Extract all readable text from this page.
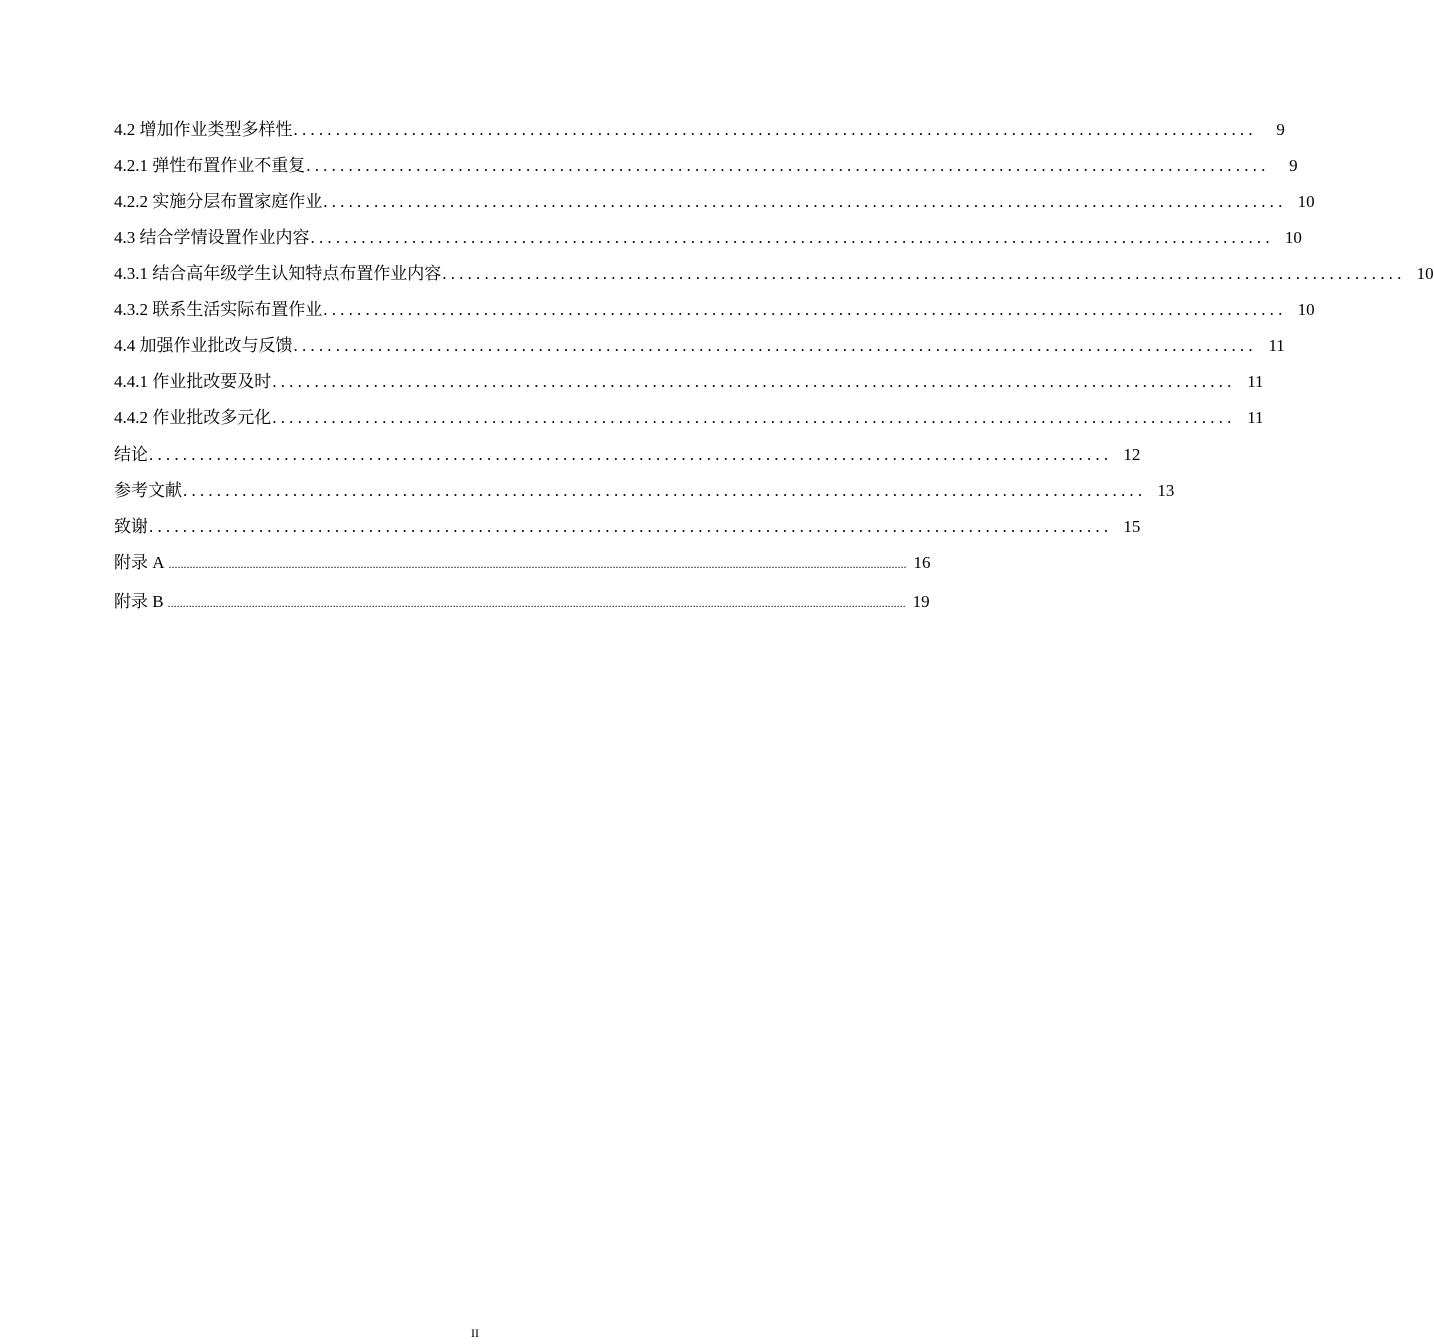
4.2 增加作业类型多样性 ..................................................................................................................	9
4.2.1 弹性布置作业不重复 ..................................................................................................................	9
4.2.2 实施分层布置家庭作业 .................................................................................................................. 10
4.3 结合学情设置作业内容 .................................................................................................................. 10
4.3.1 结合高年级学生认知特点布置作业内容 .................................................................................................................. 10
4.3.2 联系生活实际布置作业 .................................................................................................................. 10
4.4 加强作业批改与反馈 .................................................................................................................. 11
4.4.1 作业批改要及时 .................................................................................................................. 11
4.4.2 作业批改多元化 .................................................................................................................. 11
结论 .................................................................................................................. 12
参考文献 .................................................................................................................. 13
致谢 .................................................................................................................. 15
附录 A ...................................................................................................................................................................................................................................................... 16
附录 B ...................................................................................................................................................................................................................................................... 19
II
